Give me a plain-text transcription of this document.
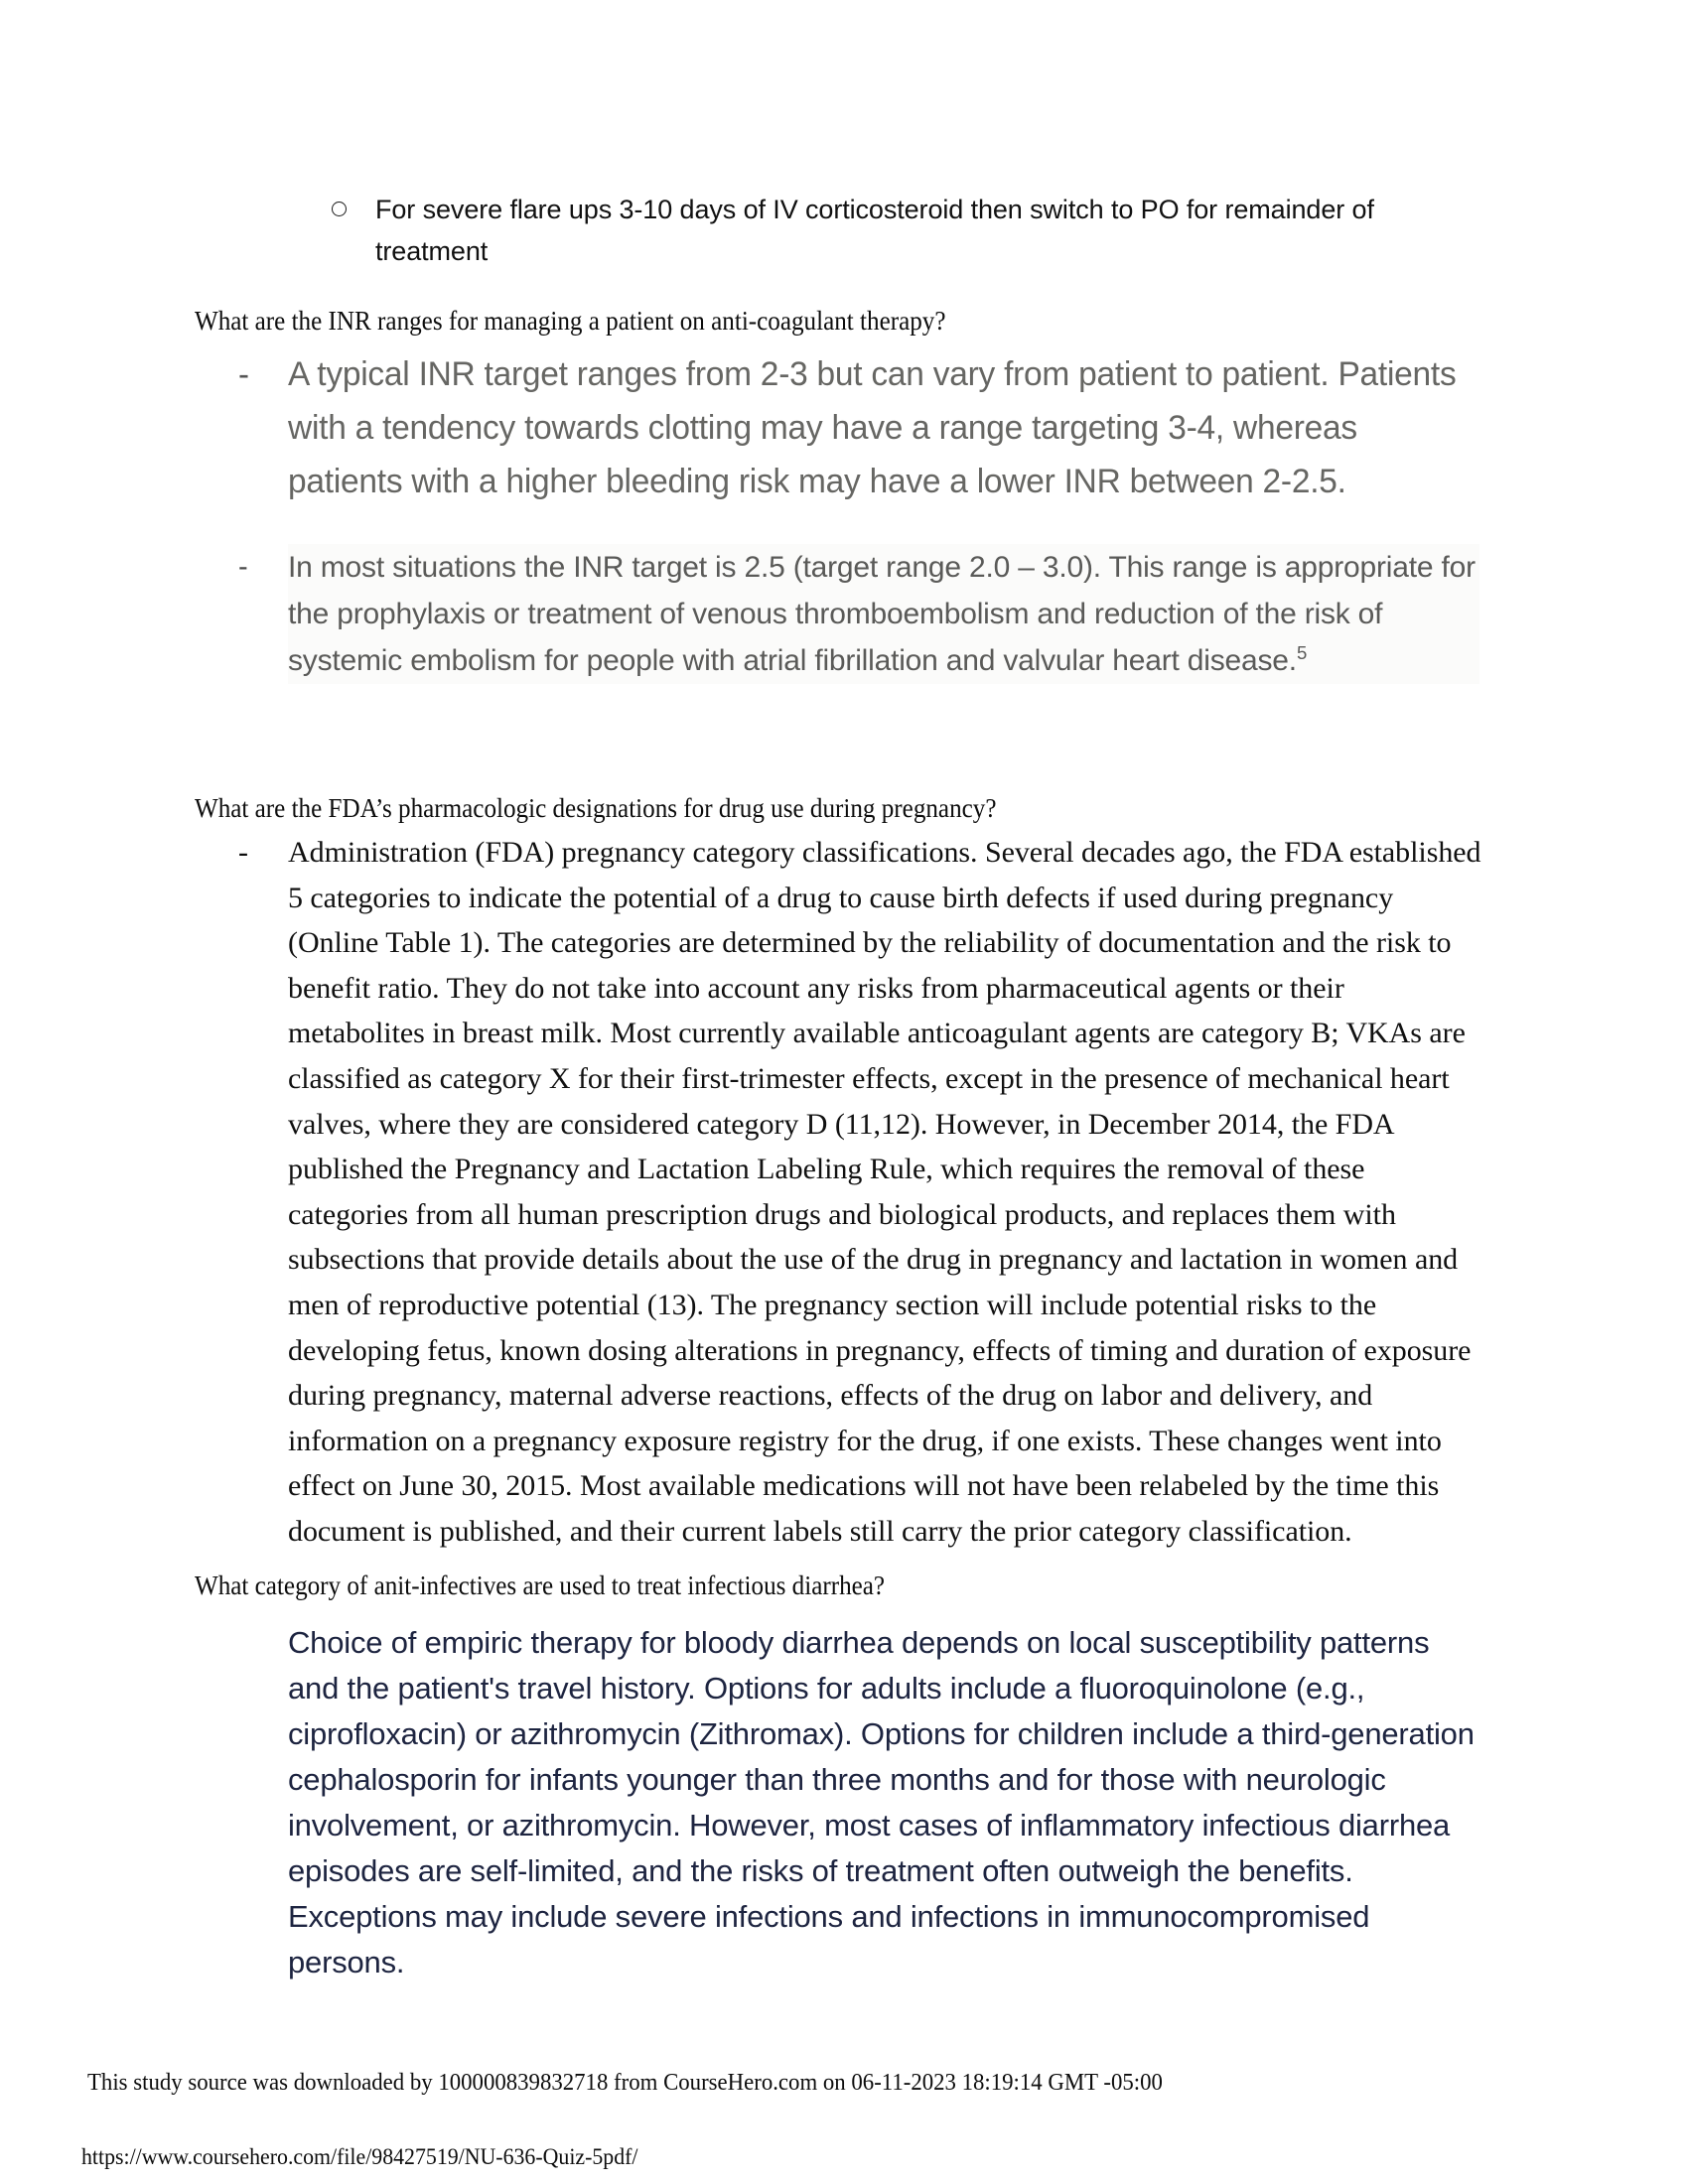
For severe flare ups 3-10 days of IV corticosteroid then switch to PO for remainder of treatment
What are the INR ranges for managing a patient on anti-coagulant therapy?
-	A typical INR target ranges from 2-3 but can vary from patient to patient. Patients with a tendency towards clotting may have a range targeting 3-4, whereas patients with a higher bleeding risk may have a lower INR between 2-2.5.
-	In most situations the INR target is 2.5 (target range 2.0 – 3.0). This range is appropriate for the prophylaxis or treatment of venous thromboembolism and reduction of the risk of systemic embolism for people with atrial fibrillation and valvular heart disease.$^5$
What are the FDA’s pharmacologic designations for drug use during pregnancy?
-	Administration (FDA) pregnancy category classifications. Several decades ago, the FDA established 5 categories to indicate the potential of a drug to cause birth defects if used during pregnancy (Online Table 1). The categories are determined by the reliability of documentation and the risk to benefit ratio. They do not take into account any risks from pharmaceutical agents or their metabolites in breast milk. Most currently available anticoagulant agents are category B; VKAs are classified as category X for their first-trimester effects, except in the presence of mechanical heart valves, where they are considered category D (11,12). However, in December 2014, the FDA published the Pregnancy and Lactation Labeling Rule, which requires the removal of these categories from all human prescription drugs and biological products, and replaces them with subsections that provide details about the use of the drug in pregnancy and lactation in women and men of reproductive potential (13). The pregnancy section will include potential risks to the developing fetus, known dosing alterations in pregnancy, effects of timing and duration of exposure during pregnancy, maternal adverse reactions, effects of the drug on labor and delivery, and information on a pregnancy exposure registry for the drug, if one exists. These changes went into effect on June 30, 2015. Most available medications will not have been relabeled by the time this document is published, and their current labels still carry the prior category classification.
What category of anit-infectives are used to treat infectious diarrhea?
Choice of empiric therapy for bloody diarrhea depends on local susceptibility patterns and the patient's travel history. Options for adults include a fluoroquinolone (e.g., ciprofloxacin) or azithromycin (Zithromax). Options for children include a third-generation cephalosporin for infants younger than three months and for those with neurologic involvement, or azithromycin. However, most cases of inflammatory infectious diarrhea episodes are self-limited, and the risks of treatment often outweigh the benefits. Exceptions may include severe infections and infections in immunocompromised persons.
This study source was downloaded by 100000839832718 from CourseHero.com on 06-11-2023 18:19:14 GMT -05:00
https://www.coursehero.com/file/98427519/NU-636-Quiz-5pdf/
